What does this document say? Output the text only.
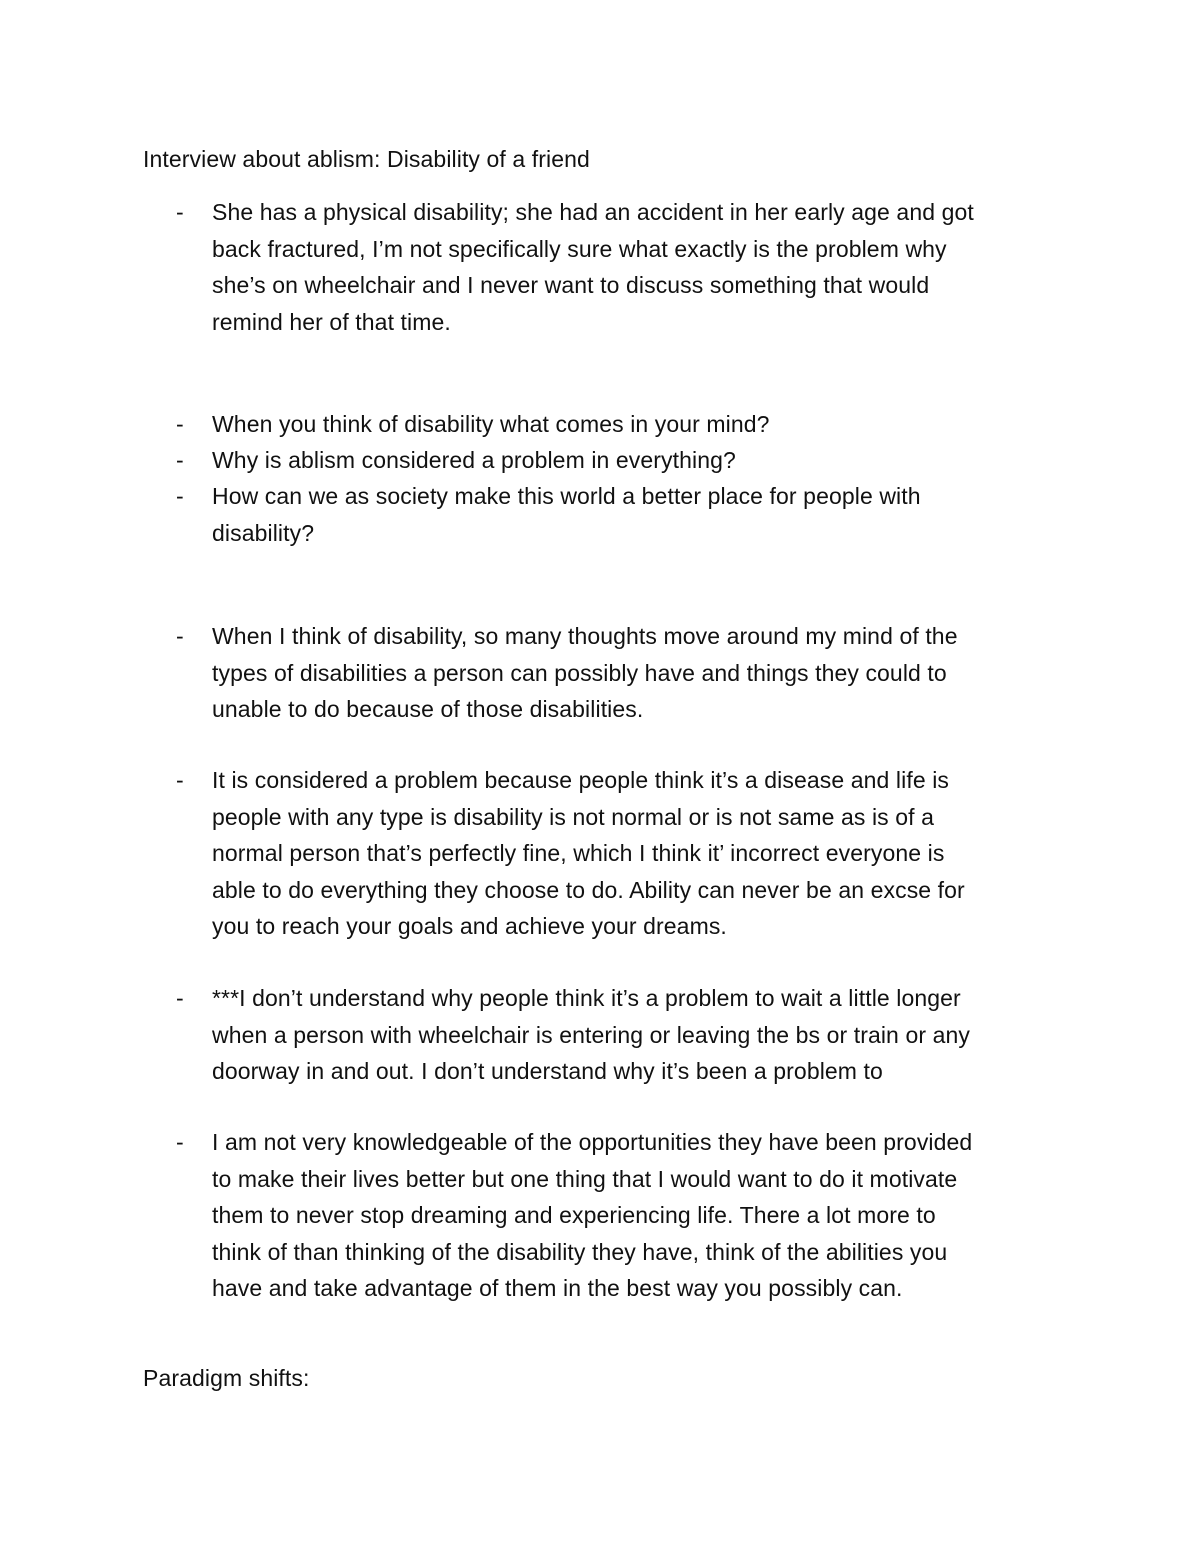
Interview about ablism: Disability of a friend
- She has a physical disability; she had an accident in her early age and got
back fractured, I’m not specifically sure what exactly is the problem why
she’s on wheelchair and I never want to discuss something that would
remind her of that time.
- When you think of disability what comes in your mind?
- Why is ablism considered a problem in everything?
- How can we as society make this world a better place for people with
disability?
- When I think of disability, so many thoughts move around my mind of the
types of disabilities a person can possibly have and things they could to
unable to do because of those disabilities.
- It is considered a problem because people think it’s a disease and life is
people with any type is disability is not normal or is not same as is of a
normal person that’s perfectly fine, which I think it’ incorrect everyone is
able to do everything they choose to do. Ability can never be an excse for
you to reach your goals and achieve your dreams.
- ***I don’t understand why people think it’s a problem to wait a little longer
when a person with wheelchair is entering or leaving the bs or train or any
doorway in and out. I don’t understand why it’s been a problem to
- I am not very knowledgeable of the opportunities they have been provided
to make their lives better but one thing that I would want to do it motivate
them to never stop dreaming and experiencing life. There a lot more to
think of than thinking of the disability they have, think of the abilities you
have and take advantage of them in the best way you possibly can.
Paradigm shifts:
